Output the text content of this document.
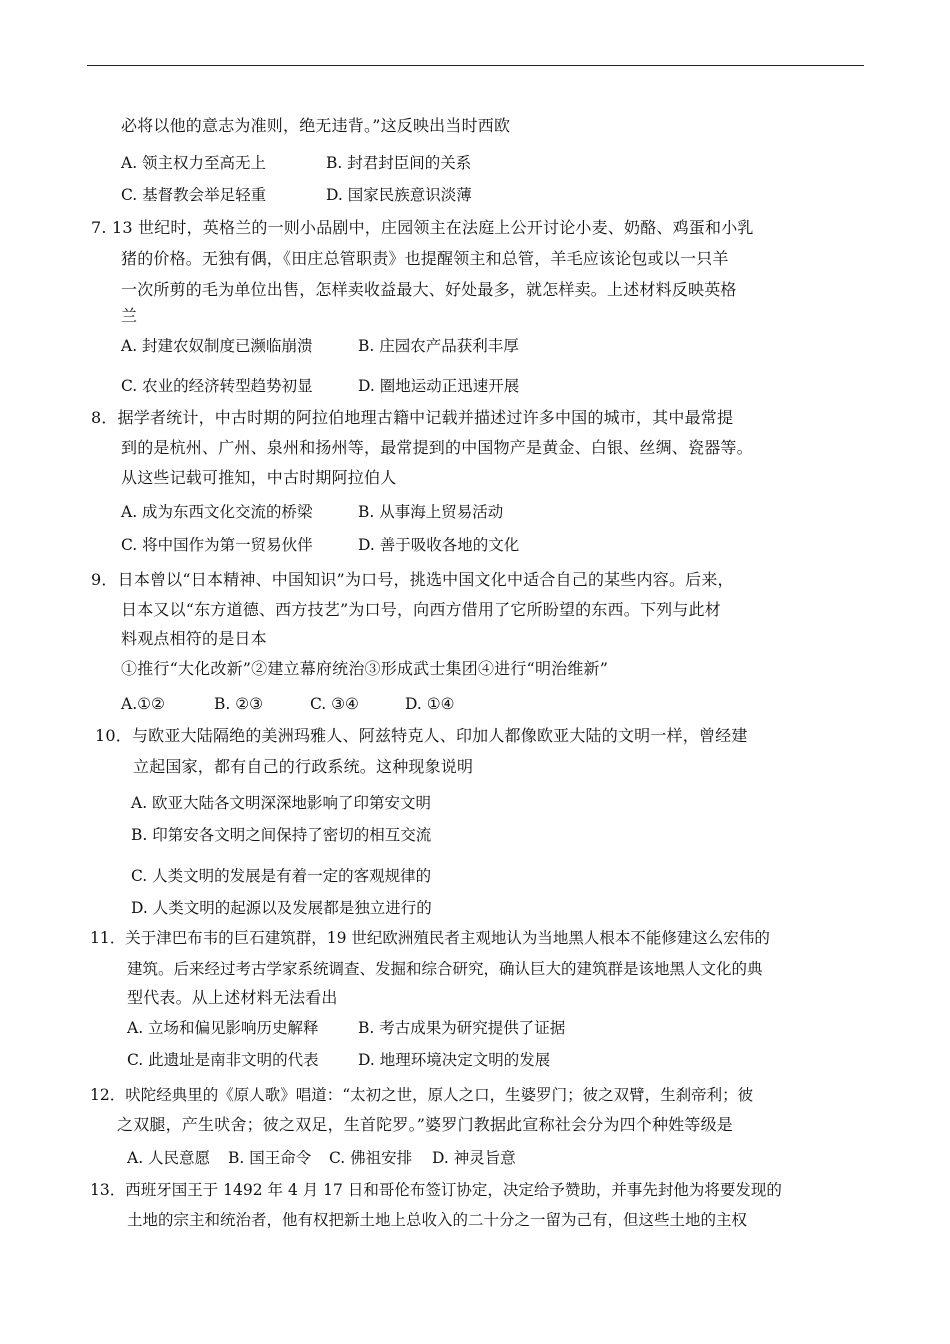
必将以他的意志为准则，绝无违背。”这反映出当时西欧
A. 领主权力至高无上	B. 封君封臣间的关系
C. 基督教会举足轻重	D. 国家民族意识淡薄
7. 13 世纪时，英格兰的一则小品剧中，庄园领主在法庭上公开讨论小麦、奶酪、鸡蛋和小乳
猪的价格。无独有偶，《田庄总管职责》也提醒领主和总管，羊毛应该论包或以一只羊
一次所剪的毛为单位出售，怎样卖收益最大、好处最多，就怎样卖。上述材料反映英格
兰
A. 封建农奴制度已濒临崩溃	B. 庄园农产品获利丰厚
C. 农业的经济转型趋势初显	D. 圈地运动正迅速开展
8．据学者统计，中古时期的阿拉伯地理古籍中记载并描述过许多中国的城市，其中最常提
到的是杭州、广州、泉州和扬州等，最常提到的中国物产是黄金、白银、丝绸、瓷器等。
从这些记载可推知，中古时期阿拉伯人
A. 成为东西文化交流的桥梁	B. 从事海上贸易活动
C. 将中国作为第一贸易伙伴	D. 善于吸收各地的文化
9．日本曾以“日本精神、中国知识”为口号，挑选中国文化中适合自己的某些内容。后来，
日本又以“东方道德、西方技艺”为口号，向西方借用了它所盼望的东西。下列与此材
料观点相符的是日本
①推行“大化改新”②建立幕府统治③形成武士集团④进行“明治维新”
A.①②	B. ②③	C. ③④	D. ①④
10．与欧亚大陆隔绝的美洲玛雅人、阿兹特克人、印加人都像欧亚大陆的文明一样，曾经建
立起国家，都有自己的行政系统。这种现象说明
A. 欧亚大陆各文明深深地影响了印第安文明
B. 印第安各文明之间保持了密切的相互交流
C. 人类文明的发展是有着一定的客观规律的
D. 人类文明的起源以及发展都是独立进行的
11．关于津巴布韦的巨石建筑群，19 世纪欧洲殖民者主观地认为当地黑人根本不能修建这么宏伟的
建筑。后来经过考古学家系统调查、发掘和综合研究，确认巨大的建筑群是该地黑人文化的典
型代表。从上述材料无法看出
A. 立场和偏见影响历史解释	B. 考古成果为研究提供了证据
C. 此遗址是南非文明的代表	D. 地理环境决定文明的发展
12．吠陀经典里的《原人歌》唱道：“太初之世，原人之口，生婆罗门；彼之双臂，生刹帝利；彼
之双腿，产生吠舍；彼之双足，生首陀罗。”婆罗门教据此宣称社会分为四个种姓等级是
A. 人民意愿 B. 国王命令 C. 佛祖安排 D. 神灵旨意
13．西班牙国王于 1492 年 4 月 17 日和哥伦布签订协定，决定给予赞助，并事先封他为将要发现的
土地的宗主和统治者，他有权把新土地上总收入的二十分之一留为己有，但这些土地的主权
